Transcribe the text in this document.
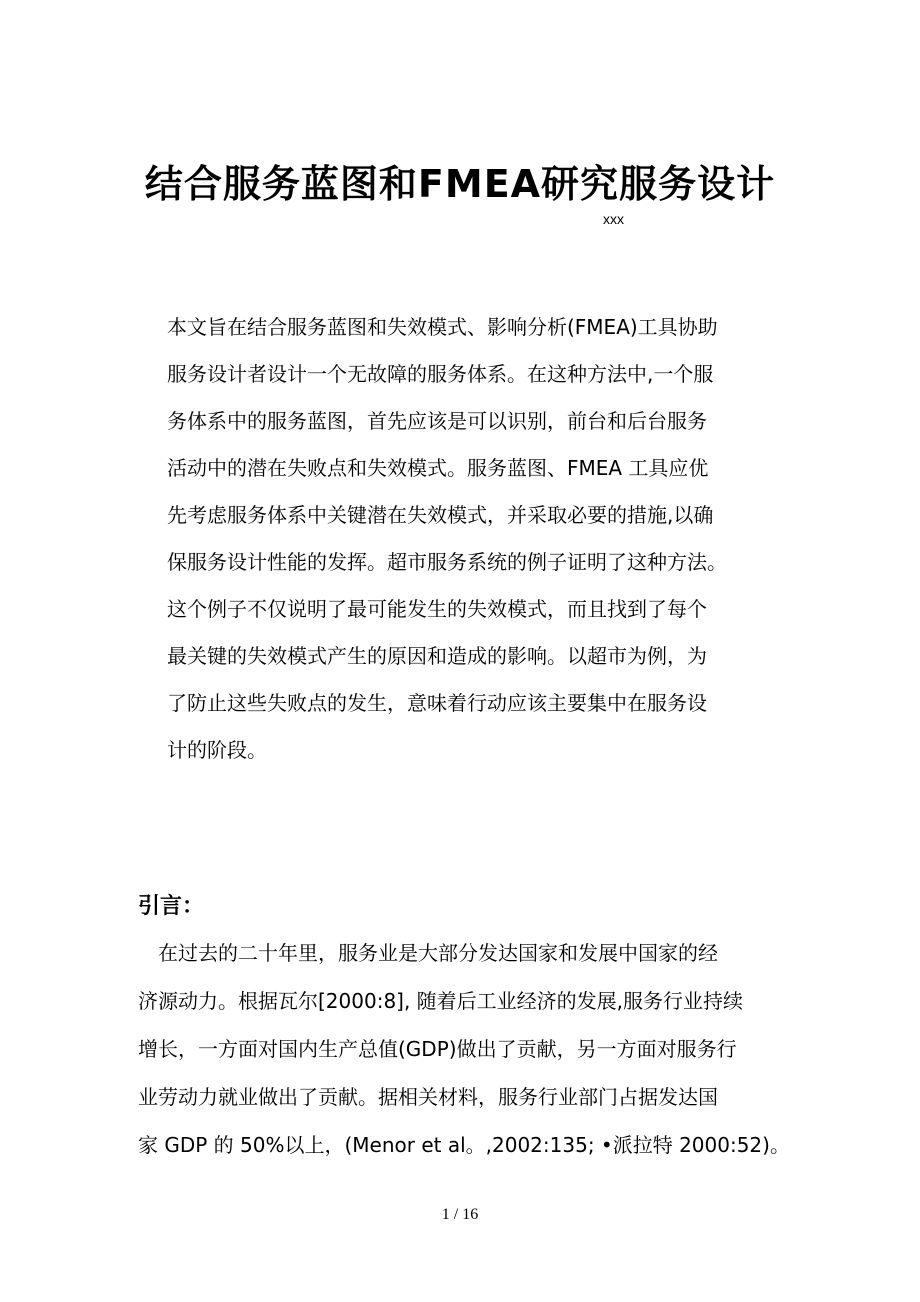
结合服务蓝图和FMEA研究服务设计
xxx
本文旨在结合服务蓝图和失效模式、影响分析(FMEA)工具协助
服务设计者设计一个无故障的服务体系。在这种方法中,一个服
务体系中的服务蓝图，首先应该是可以识别，前台和后台服务
活动中的潜在失败点和失效模式。服务蓝图、FMEA 工具应优
先考虑服务体系中关键潜在失效模式，并采取必要的措施,以确
保服务设计性能的发挥。超市服务系统的例子证明了这种方法。
这个例子不仅说明了最可能发生的失效模式，而且找到了每个
最关键的失效模式产生的原因和造成的影响。以超市为例，为
了防止这些失败点的发生，意味着行动应该主要集中在服务设
计的阶段。
引言：
　在过去的二十年里，服务业是大部分发达国家和发展中国家的经
济源动力。根据瓦尔[2000:8], 随着后工业经济的发展,服务行业持续
增长，一方面对国内生产总值(GDP)做出了贡献，另一方面对服务行
业劳动力就业做出了贡献。据相关材料，服务行业部门占据发达国
家 GDP 的 50%以上，(Menor et al。,2002:135; •派拉特 2000:52)。
1 / 16
